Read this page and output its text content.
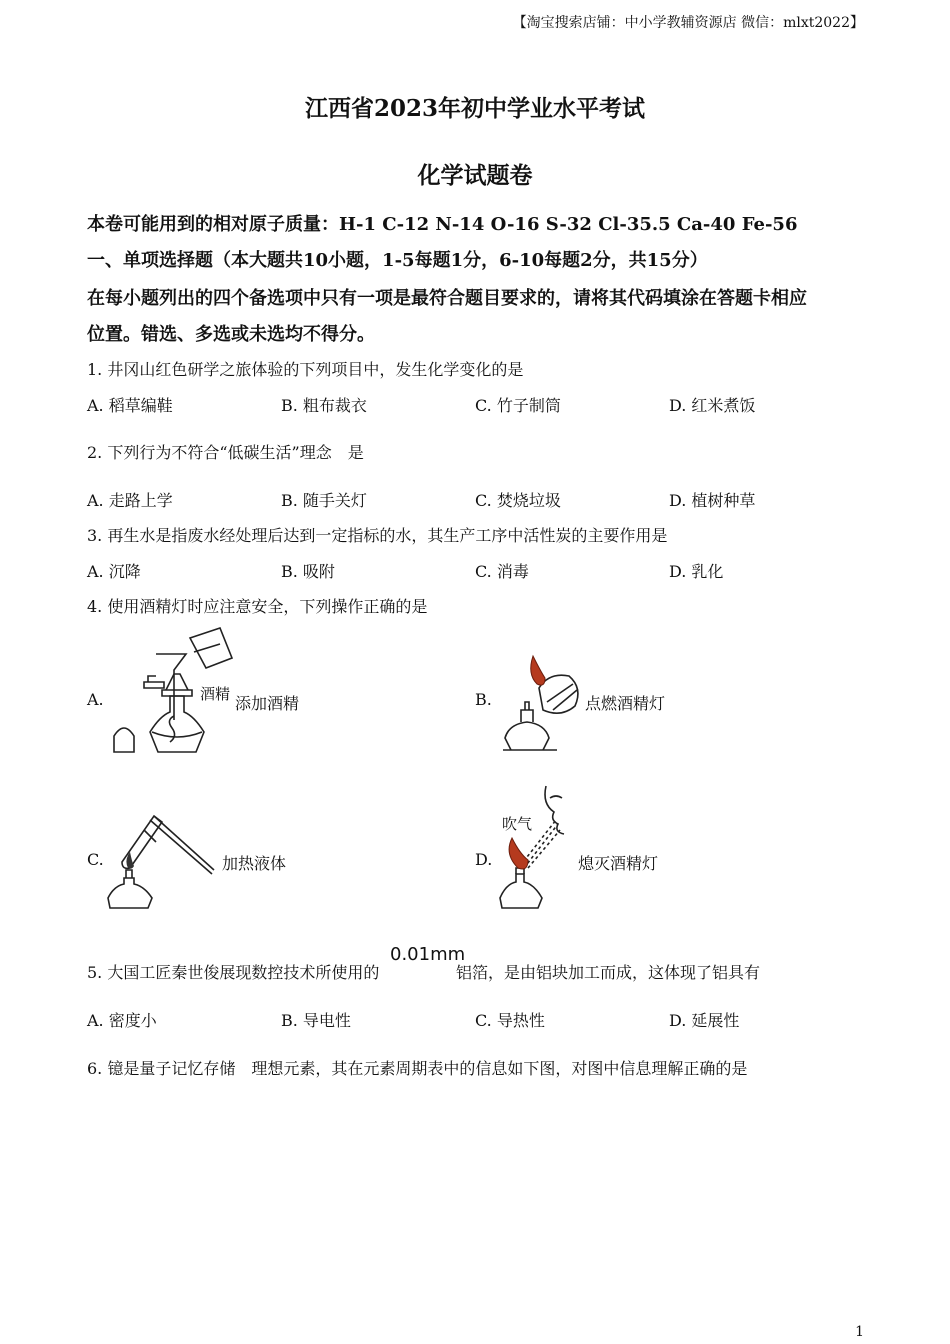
【淘宝搜索店铺：中小学教辅资源店 微信：mlxt2022】
江西省2023年初中学业水平考试
化学试题卷
本卷可能用到的相对原子质量：H-1 C-12 N-14 O-16 S-32 Cl-35.5 Ca-40 Fe-56
一、单项选择题（本大题共10小题，1-5每题1分，6-10每题2分，共15分）
在每小题列出的四个备选项中只有一项是最符合题目要求的，请将其代码填涂在答题卡相应
位置。错选、多选或未选均不得分。
1. 井冈山红色研学之旅体验的下列项目中，发生化学变化的是
A. 稻草编鞋	B. 粗布裁衣	C. 竹子制筒	D. 红米煮饭
2. 下列行为不符合“低碳生活”理念　是
A. 走路上学	B. 随手关灯	C. 焚烧垃圾	D. 植树种草
3. 再生水是指废水经处理后达到一定指标的水，其生产工序中活性炭的主要作用是
A. 沉降	B. 吸附	C. 消毒	D. 乳化
4. 使用酒精灯时应注意安全，下列操作正确的是
A.	酒精 添加酒精	B.	点燃酒精灯
C.	加热液体	D.
吹气
熄灭酒精灯
5. 大国工匠秦世俊展现数控技术所使用的
0.01mm
铝箔，是由铝块加工而成，这体现了铝具有
A. 密度小	B. 导电性	C. 导热性	D. 延展性
6. 镱是量子记忆存储　理想元素，其在元素周期表中的信息如下图，对图中信息理解正确的是
1
